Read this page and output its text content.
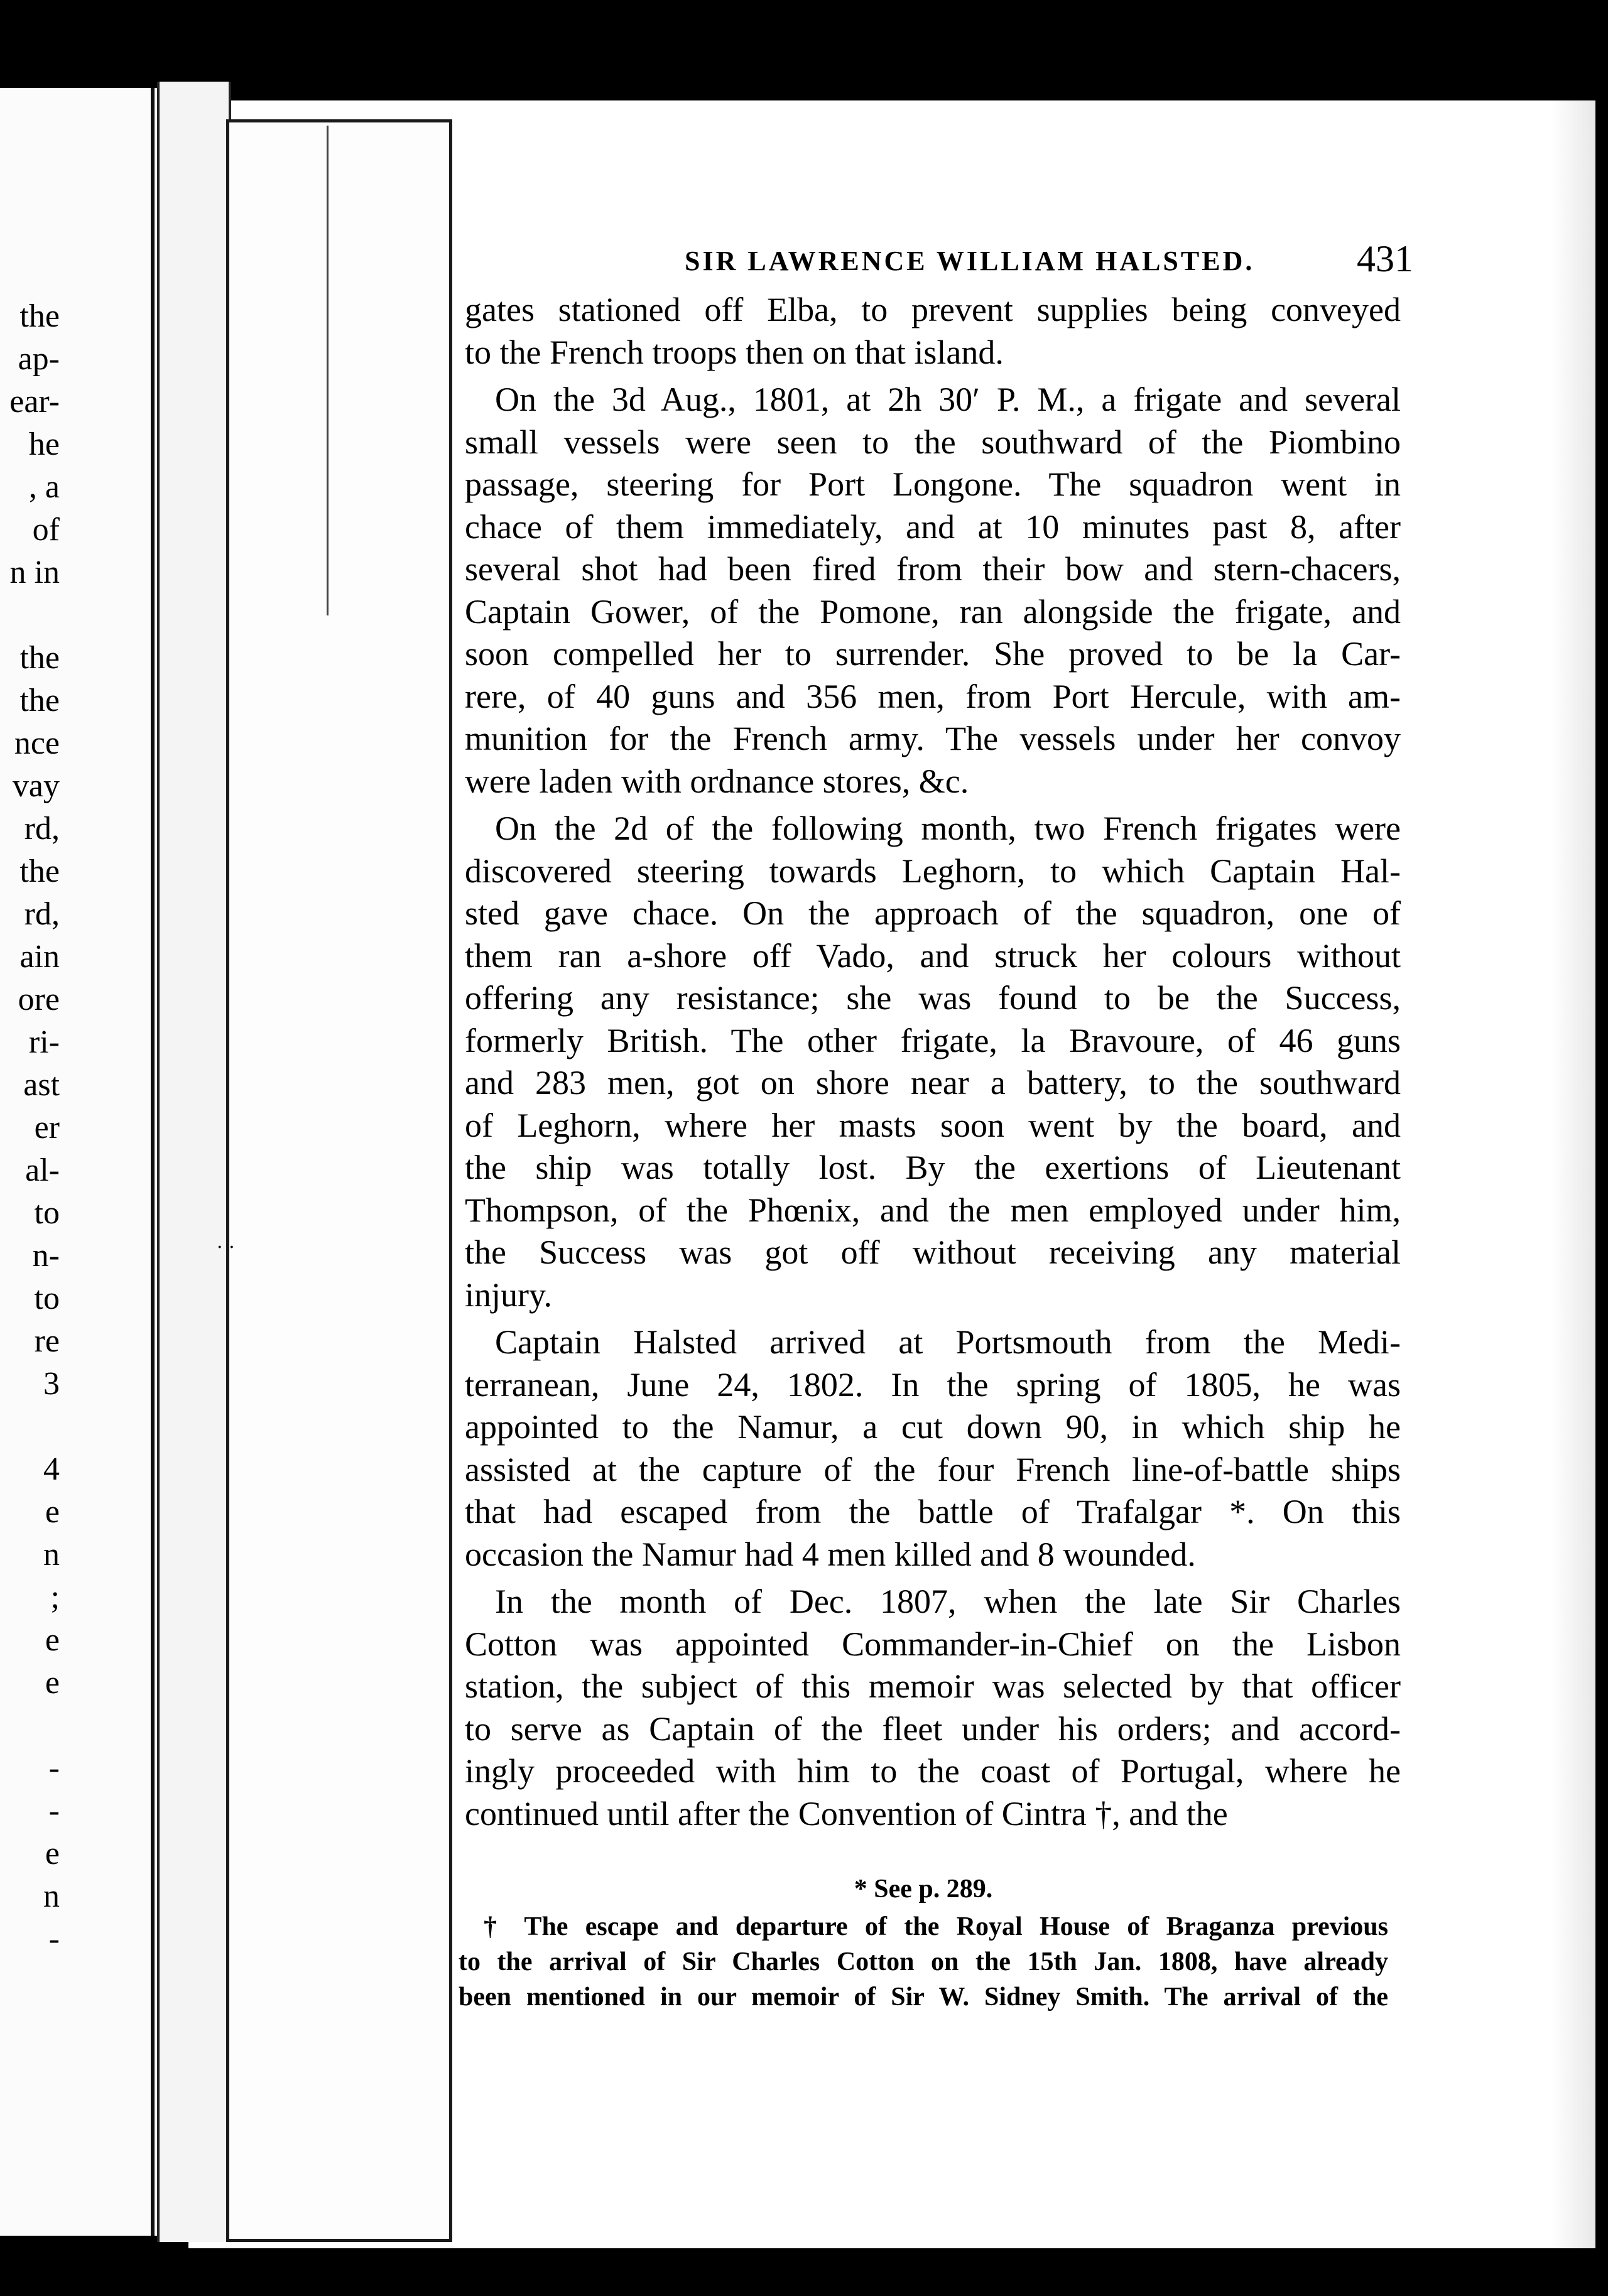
the
ap-
ear-
he
, a
of
n in
the
the
nce
vay
rd,
the
rd,
ain
ore
ri-
ast
er
al-
to
n-
to
re
3
4
e
n
;
e
e
-
-
e
n
-
SIR LAWRENCE WILLIAM HALSTED.	431
gates stationed off Elba, to prevent supplies being conveyed
to the French troops then on that island.
On the 3d Aug., 1801, at 2h 30′ P. M., a frigate and several
small vessels were seen to the southward of the Piombino
passage, steering for Port Longone. The squadron went in
chace of them immediately, and at 10 minutes past 8, after
several shot had been fired from their bow and stern-chacers,
Captain Gower, of the Pomone, ran alongside the frigate, and
soon compelled her to surrender. She proved to be la Car-
rere, of 40 guns and 356 men, from Port Hercule, with am-
munition for the French army. The vessels under her convoy
were laden with ordnance stores, &c.
On the 2d of the following month, two French frigates were
discovered steering towards Leghorn, to which Captain Hal-
sted gave chace. On the approach of the squadron, one of
them ran a-shore off Vado, and struck her colours without
offering any resistance; she was found to be the Success,
formerly British. The other frigate, la Bravoure, of 46 guns
and 283 men, got on shore near a battery, to the southward
of Leghorn, where her masts soon went by the board, and
the ship was totally lost. By the exertions of Lieutenant
Thompson, of the Phœnix, and the men employed under him,
the Success was got off without receiving any material
injury.
Captain Halsted arrived at Portsmouth from the Medi-
terranean, June 24, 1802. In the spring of 1805, he was
appointed to the Namur, a cut down 90, in which ship he
assisted at the capture of the four French line-of-battle ships
that had escaped from the battle of Trafalgar *. On this
occasion the Namur had 4 men killed and 8 wounded.
In the month of Dec. 1807, when the late Sir Charles
Cotton was appointed Commander-in-Chief on the Lisbon
station, the subject of this memoir was selected by that officer
to serve as Captain of the fleet under his orders; and accord-
ingly proceeded with him to the coast of Portugal, where he
continued until after the Convention of Cintra †, and the
. .
* See p. 289.
† The escape and departure of the Royal House of Braganza previous
to the arrival of Sir Charles Cotton on the 15th Jan. 1808, have already
been mentioned in our memoir of Sir W. Sidney Smith. The arrival of the
